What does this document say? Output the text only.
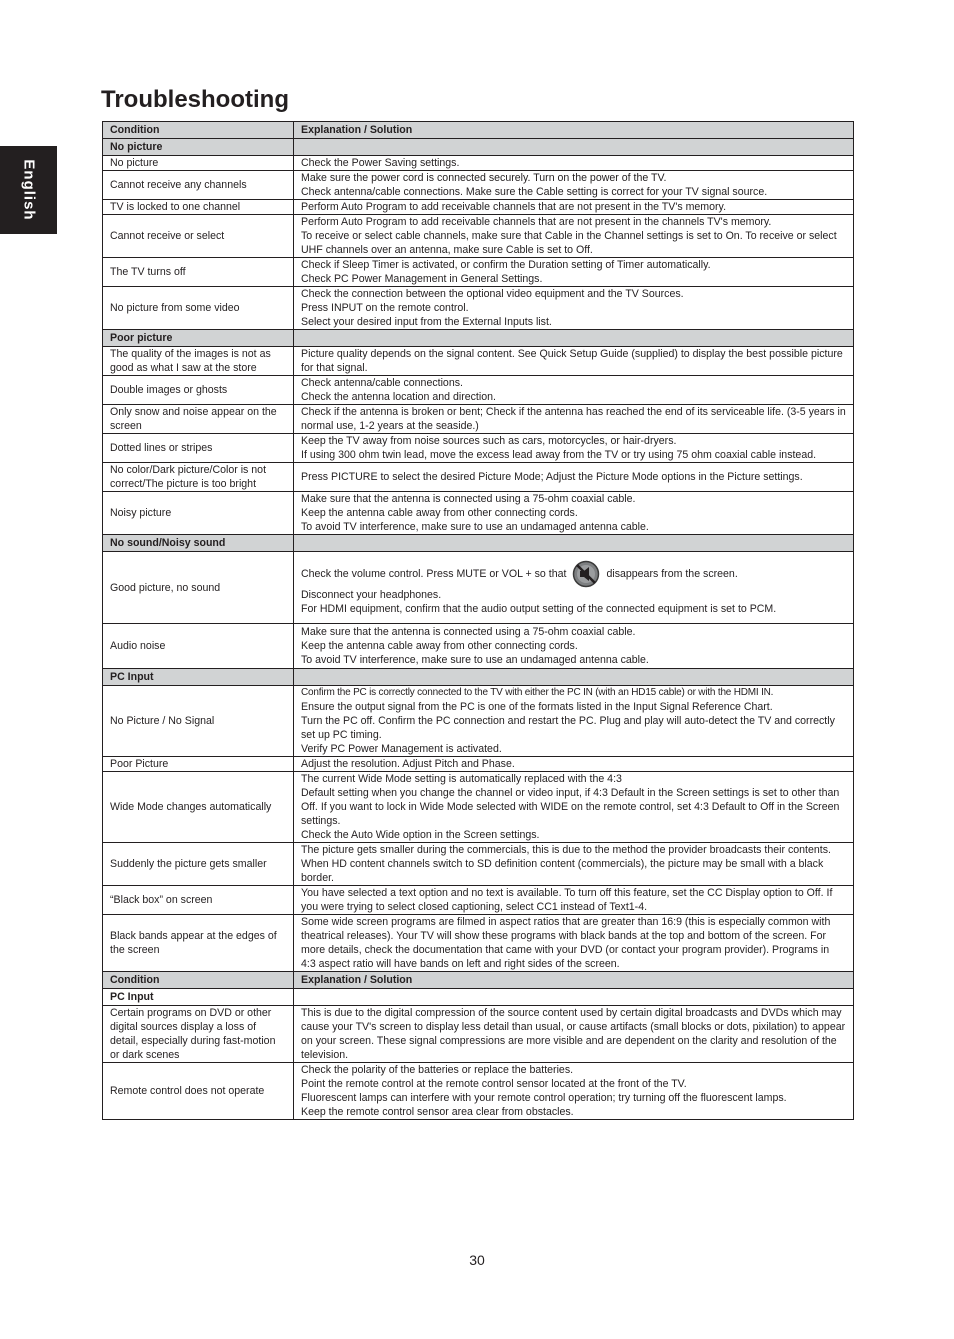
Troubleshooting
English
Condition	Explanation / Solution
No picture	
No picture	Check the Power Saving settings.

Cannot receive any channels	Make sure the power cord is connected securely. Turn on the power of the TV.
Check antenna/cable connections. Make sure the Cable setting is correct for your TV signal source.

TV is locked to one channel	Perform Auto Program to add receivable channels that are not present in the TV's memory.

Cannot receive or select	Perform Auto Program to add receivable channels that are not present in the channels TV's memory.
To receive or select cable channels, make sure that Cable in the Channel settings is set to On. To receive or select UHF channels over an antenna, make sure Cable is set to Off.

The TV turns off	Check if Sleep Timer is activated, or confirm the Duration setting of Timer automatically.
Check PC Power Management in General Settings.

No picture from some video	Check the connection between the optional video equipment and the TV Sources.
Press INPUT on the remote control.
Select your desired input from the External Inputs list.

Poor picture	
The quality of the images is not as good as what I saw at the store	Picture quality depends on the signal content. See Quick Setup Guide (supplied) to display the best possible picture for that signal.

Double images or ghosts	Check antenna/cable connections.
Check the antenna location and direction.

Only snow and noise appear on the screen	Check if the antenna is broken or bent; Check if the antenna has reached the end of its serviceable life. (3-5 years in normal use, 1-2 years at the seaside.)

Dotted lines or stripes	Keep the TV away from noise sources such as cars, motorcycles, or hair-dryers.
If using 300 ohm twin lead, move the excess lead away from the TV or try using 75 ohm coaxial cable instead.

No color/Dark picture/Color is not correct/The picture is too bright	Press PICTURE to select the desired Picture Mode; Adjust the Picture Mode options in the Picture settings.

Noisy picture	Make sure that the antenna is connected using a 75-ohm coaxial cable.
Keep the antenna cable away from other connecting cords.
To avoid TV interference, make sure to use an undamaged antenna cable.

No sound/Noisy sound	
Good picture, no sound	Check the volume control. Press MUTE or VOL + so that disappears from the screen.
Disconnect your headphones.
For HDMI equipment, confirm that the audio output setting of the connected equipment is set to PCM.

Audio noise	Make sure that the antenna is connected using a 75-ohm coaxial cable.
Keep the antenna cable away from other connecting cords.
To avoid TV interference, make sure to use an undamaged antenna cable.

PC Input	
No Picture / No Signal	Confirm the PC is correctly connected to the TV with either the PC IN (with an HD15 cable) or with the HDMI IN.
Ensure the output signal from the PC is one of the formats listed in the Input Signal Reference Chart.
Turn the PC off. Confirm the PC connection and restart the PC. Plug and play will auto-detect the TV and correctly set up PC timing.
Verify PC Power Management is activated.

Poor Picture	Adjust the resolution. Adjust Pitch and Phase.

Wide Mode changes automatically	The current Wide Mode setting is automatically replaced with the 4:3
Default setting when you change the channel or video input, if 4:3 Default in the Screen settings is set to other than Off. If you want to lock in Wide Mode selected with WIDE on the remote control, set 4:3 Default to Off in the Screen settings.
Check the Auto Wide option in the Screen settings.

Suddenly the picture gets smaller	The picture gets smaller during the commercials, this is due to the method the provider broadcasts their contents. When HD content channels switch to SD definition content (commercials), the picture may be small with a black border.

“Black box” on screen	You have selected a text option and no text is available. To turn off this feature, set the CC Display option to Off. If you were trying to select closed captioning, select CC1 instead of Text1-4.

Black bands appear at the edges of the screen	Some wide screen programs are filmed in aspect ratios that are greater than 16:9 (this is especially common with theatrical releases). Your TV will show these programs with black bands at the top and bottom of the screen. For more details, check the documentation that came with your DVD (or contact your program provider). Programs in 4:3 aspect ratio will have bands on left and right sides of the screen.

Condition	Explanation / Solution
PC Input	
Certain programs on DVD or other digital sources display a loss of detail, especially during fast-motion or dark scenes	This is due to the digital compression of the source content used by certain digital broadcasts and DVDs which may cause your TV's screen to display less detail than usual, or cause artifacts (small blocks or dots, pixilation) to appear on your screen. These signal compressions are more visible and are dependent on the clarity and resolution of the television.

Remote control does not operate	Check the polarity of the batteries or replace the batteries.
Point the remote control at the remote control sensor located at the front of the TV.
Fluorescent lamps can interfere with your remote control operation; try turning off the fluorescent lamps.
Keep the remote control sensor area clear from obstacles.
30
